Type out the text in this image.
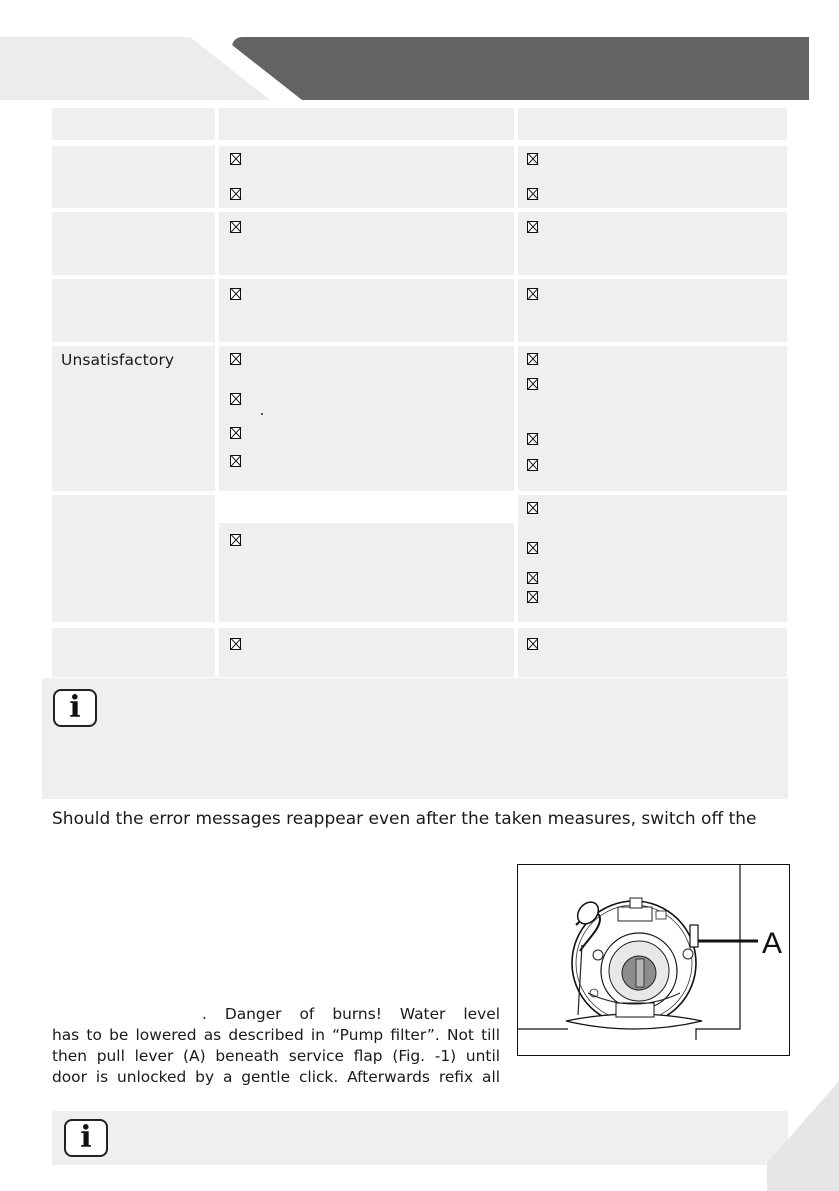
Unsatisfactory
i
Should the error messages reappear even after the taken measures, switch off the
. Danger of burns! Water level
has to be lowered as described in “Pump filter”. Not till
then pull lever (A) beneath service flap (Fig. -1) until
door is unlocked by a gentle click. Afterwards refix all
A
i
